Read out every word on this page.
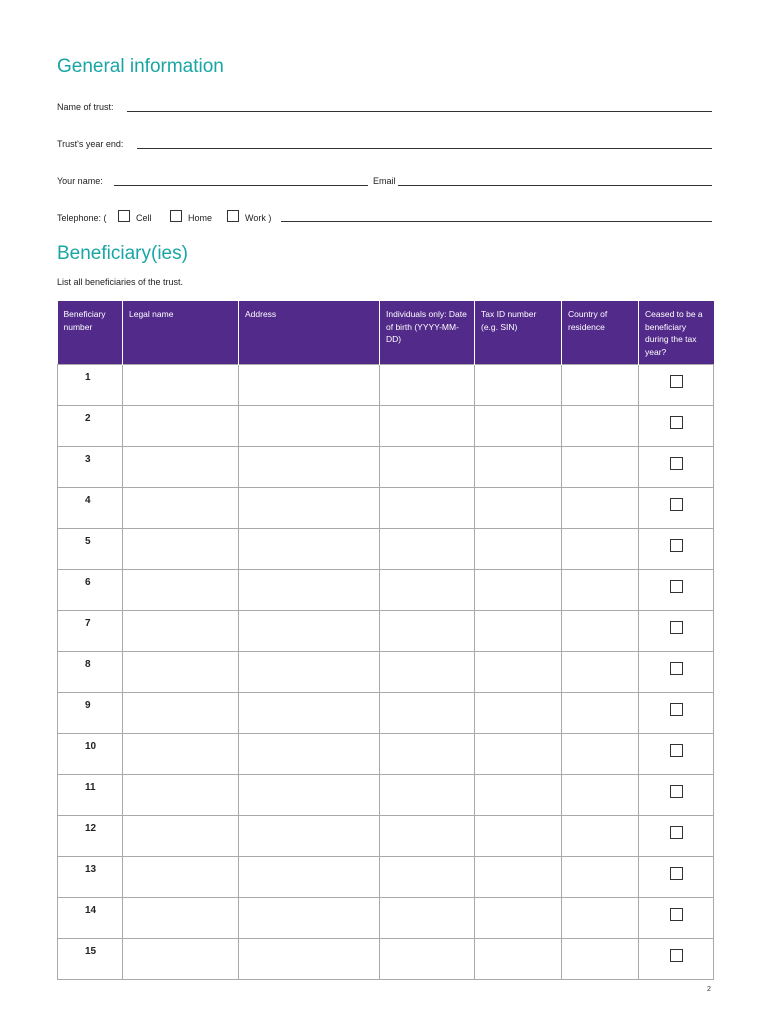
General information
Name of trust:
Trust's year end:
Your name:	Email
Telephone: (	Cell	Home	Work )
Beneficiary(ies)
List all beneficiaries of the trust.
Beneficiary number	Legal name	Address	Individuals only: Date of birth (YYYY-MM-DD)	Tax ID number (e.g. SIN)	Country of residence	Ceased to be a beneficiary during the tax year?
1						

2						

3						

4						

5						

6						

7						

8						

9						

10						

11						

12						

13						

14						

15						
2
